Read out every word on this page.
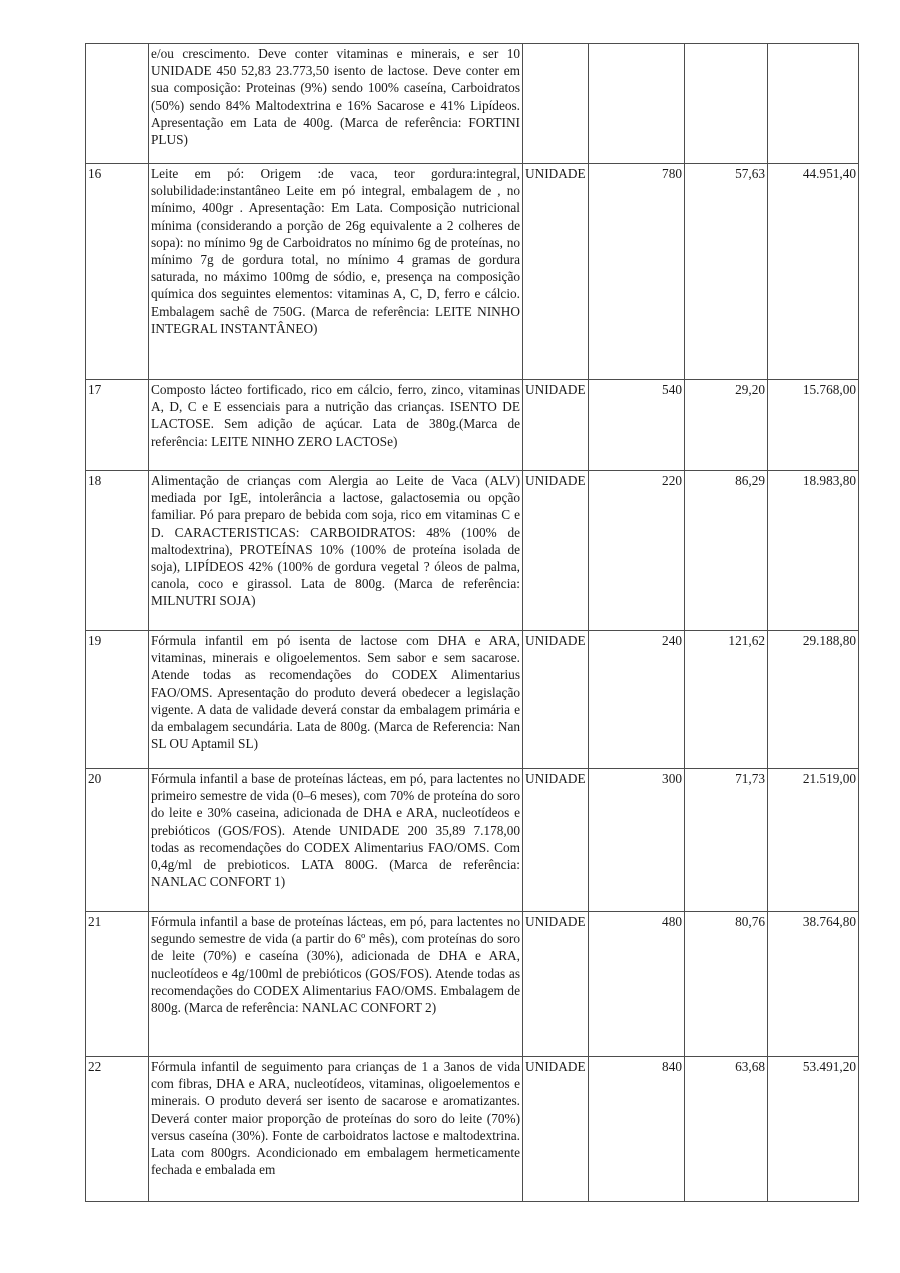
	e/ou crescimento. Deve conter vitaminas e minerais, e ser 10 UNIDADE 450 52,83 23.773,50 isento de lactose. Deve conter em sua composição: Proteinas (9%) sendo 100% caseína, Carboidratos (50%) sendo 84% Maltodextrina e 16% Sacarose e 41% Lipídeos. Apresentação em Lata de 400g. (Marca de referência: FORTINI PLUS)				
16	Leite em pó: Origem :de vaca, teor gordura:integral, solubilidade:instantâneo Leite em pó integral, embalagem de , no mínimo, 400gr . Apresentação: Em Lata. Composição nutricional mínima (considerando a porção de 26g equivalente a 2 colheres de sopa): no mínimo 9g de Carboidratos no mínimo 6g de proteínas, no mínimo 7g de gordura total, no mínimo 4 gramas de gordura saturada, no máximo 100mg de sódio, e, presença na composição química dos seguintes elementos: vitaminas A, C, D, ferro e cálcio. Embalagem sachê de 750G. (Marca de referência: LEITE NINHO INTEGRAL INSTANTÂNEO)	UNIDADE	780	57,63	44.951,40
17	Composto lácteo fortificado, rico em cálcio, ferro, zinco, vitaminas A, D, C e E essenciais para a nutrição das crianças. ISENTO DE LACTOSE. Sem adição de açúcar. Lata de 380g.(Marca de referência: LEITE NINHO ZERO LACTOSe)	UNIDADE	540	29,20	15.768,00
18	Alimentação de crianças com Alergia ao Leite de Vaca (ALV) mediada por IgE, intolerância a lactose, galactosemia ou opção familiar. Pó para preparo de bebida com soja, rico em vitaminas C e D. CARACTERISTICAS: CARBOIDRATOS: 48% (100% de maltodextrina), PROTEÍNAS 10% (100% de proteína isolada de soja), LIPÍDEOS 42% (100% de gordura vegetal ? óleos de palma, canola, coco e girassol. Lata de 800g. (Marca de referência: MILNUTRI SOJA)	UNIDADE	220	86,29	18.983,80
19	Fórmula infantil em pó isenta de lactose com DHA e ARA, vitaminas, minerais e oligoelementos. Sem sabor e sem sacarose. Atende todas as recomendações do CODEX Alimentarius FAO/OMS. Apresentação do produto deverá obedecer a legislação vigente. A data de validade deverá constar da embalagem primária e da embalagem secundária. Lata de 800g. (Marca de Referencia: Nan SL OU Aptamil SL)	UNIDADE	240	121,62	29.188,80
20	Fórmula infantil a base de proteínas lácteas, em pó, para lactentes no primeiro semestre de vida (0–6 meses), com 70% de proteína do soro do leite e 30% caseina, adicionada de DHA e ARA, nucleotídeos e prebióticos (GOS/FOS). Atende UNIDADE 200 35,89 7.178,00 todas as recomendações do CODEX Alimentarius FAO/OMS. Com 0,4g/ml de prebioticos. LATA 800G. (Marca de referência: NANLAC CONFORT 1)	UNIDADE	300	71,73	21.519,00
21	Fórmula infantil a base de proteínas lácteas, em pó, para lactentes no segundo semestre de vida (a partir do 6º mês), com proteínas do soro de leite (70%) e caseína (30%), adicionada de DHA e ARA, nucleotídeos e 4g/100ml de prebióticos (GOS/FOS). Atende todas as recomendações do CODEX Alimentarius FAO/OMS. Embalagem de 800g. (Marca de referência: NANLAC CONFORT 2)	UNIDADE	480	80,76	38.764,80
22	Fórmula infantil de seguimento para crianças de 1 a 3anos de vida com fibras, DHA e ARA, nucleotídeos, vitaminas, oligoelementos e minerais. O produto deverá ser isento de sacarose e aromatizantes. Deverá conter maior proporção de proteínas do soro do leite (70%) versus caseína (30%). Fonte de carboidratos lactose e maltodextrina. Lata com 800grs. Acondicionado em embalagem hermeticamente fechada e embalada em	UNIDADE	840	63,68	53.491,20
